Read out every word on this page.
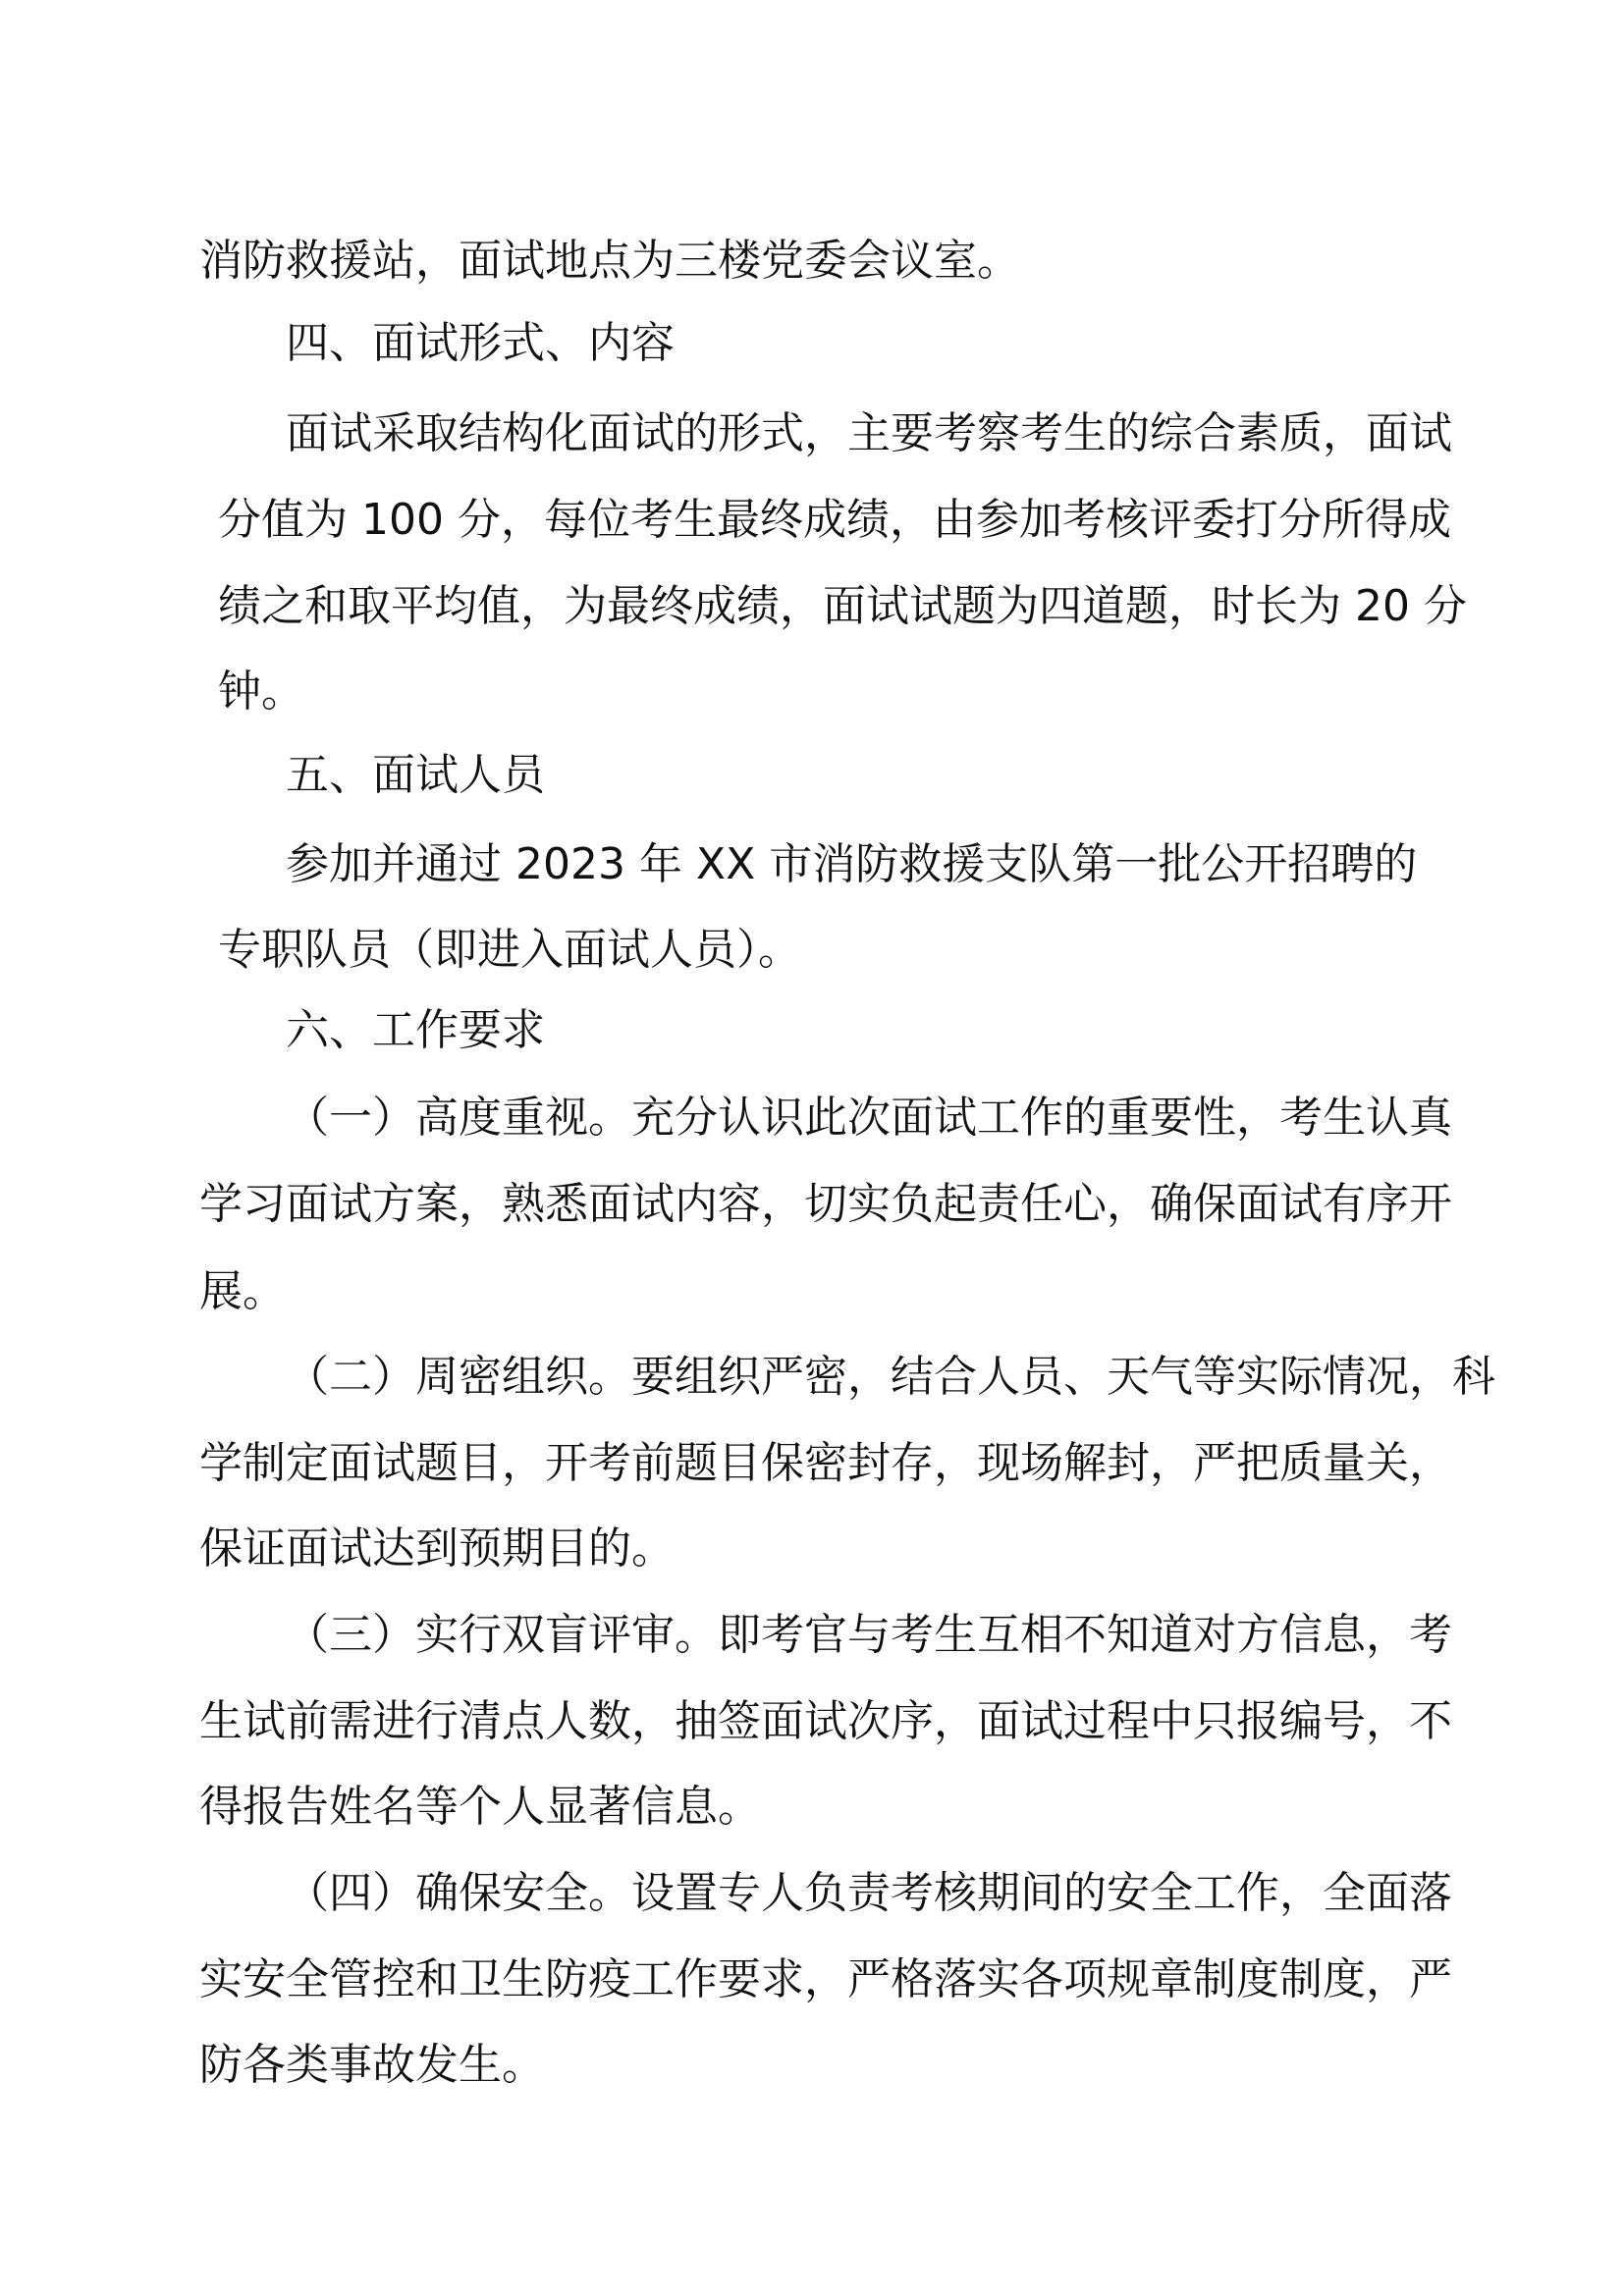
消防救援站，面试地点为三楼党委会议室。
四、面试形式、内容
面试采取结构化面试的形式，主要考察考生的综合素质，面试
分值为 100 分，每位考生最终成绩，由参加考核评委打分所得成
绩之和取平均值，为最终成绩，面试试题为四道题，时长为 20 分
钟。
五、面试人员
参加并通过 2023 年 XX 市消防救援支队第一批公开招聘的
专职队员（即进入面试人员）。
六、工作要求
（一）高度重视。充分认识此次面试工作的重要性，考生认真
学习面试方案，熟悉面试内容，切实负起责任心，确保面试有序开
展。
（二）周密组织。要组织严密，结合人员、天气等实际情况，科
学制定面试题目，开考前题目保密封存，现场解封，严把质量关，
保证面试达到预期目的。
（三）实行双盲评审。即考官与考生互相不知道对方信息，考
生试前需进行清点人数，抽签面试次序，面试过程中只报编号，不
得报告姓名等个人显著信息。
（四）确保安全。设置专人负责考核期间的安全工作，全面落
实安全管控和卫生防疫工作要求，严格落实各项规章制度制度，严
防各类事故发生。
